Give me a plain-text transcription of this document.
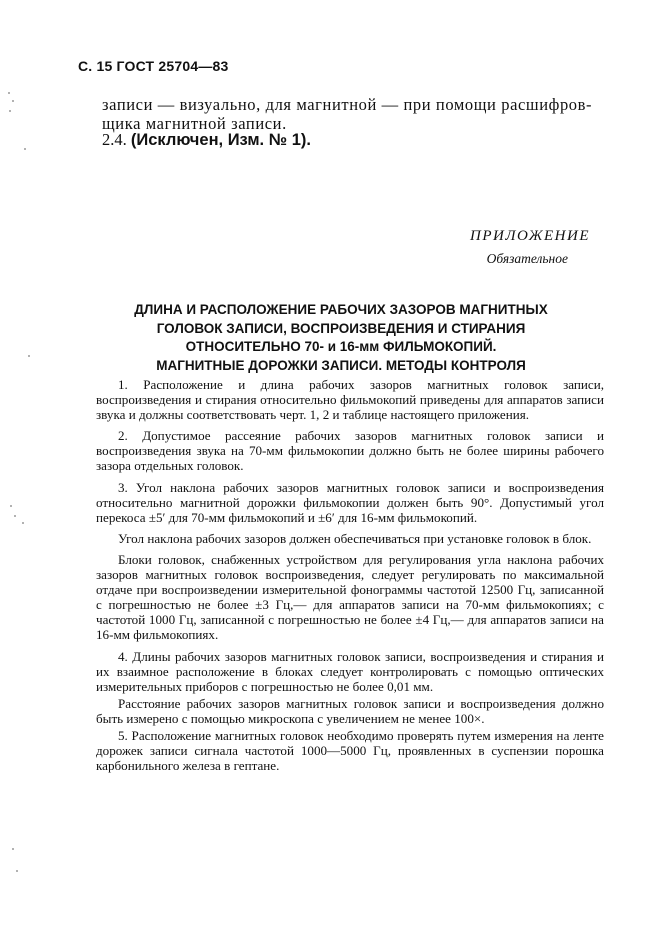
С. 15 ГОСТ 25704—83
записи — визуально, для магнитной — при помощи расшифров-
щика магнитной записи.
2.4. (Исключен, Изм. № 1).
ПРИЛОЖЕНИЕ
Обязательное
ДЛИНА И РАСПОЛОЖЕНИЕ РАБОЧИХ ЗАЗОРОВ МАГНИТНЫХ
ГОЛОВОК ЗАПИСИ, ВОСПРОИЗВЕДЕНИЯ И СТИРАНИЯ
ОТНОСИТЕЛЬНО 70- и 16-мм ФИЛЬМОКОПИЙ.
МАГНИТНЫЕ ДОРОЖКИ ЗАПИСИ. МЕТОДЫ КОНТРОЛЯ

1. Расположение и длина рабочих зазоров магнитных головок записи, воспроизведения и стирания относительно фильмокопий приведены для аппаратов записи звука и должны соответствовать черт. 1, 2 и таблице настоящего приложения.

2. Допустимое рассеяние рабочих зазоров магнитных головок записи и воспроизведения звука на 70-мм фильмокопии должно быть не более ширины рабочего зазора отдельных головок.

3. Угол наклона рабочих зазоров магнитных головок записи и воспроизведения относительно магнитной дорожки фильмокопии должен быть 90°. Допустимый угол перекоса ±5′ для 70-мм фильмокопий и ±6′ для 16-мм фильмокопий.

Угол наклона рабочих зазоров должен обеспечиваться при установке головок в блок.

Блоки головок, снабженных устройством для регулирования угла наклона рабочих зазоров магнитных головок воспроизведения, следует регулировать по максимальной отдаче при воспроизведении измерительной фонограммы частотой 12500 Гц, записанной с погрешностью не более ±3 Гц,— для аппаратов записи на 70-мм фильмокопиях; с частотой 1000 Гц, записанной с погрешностью не более ±4 Гц,— для аппаратов записи на 16-мм фильмокопиях.

4. Длины рабочих зазоров магнитных головок записи, воспроизведения и стирания и их взаимное расположение в блоках следует контролировать с помощью оптических измерительных приборов с погрешностью не более 0,01 мм.

Расстояние рабочих зазоров магнитных головок записи и воспроизведения должно быть измерено с помощью микроскопа с увеличением не менее 100×.

5. Расположение магнитных головок необходимо проверять путем измерения на ленте дорожек записи сигнала частотой 1000—5000 Гц, проявленных в суспензии порошка карбонильного железа в гептане.
